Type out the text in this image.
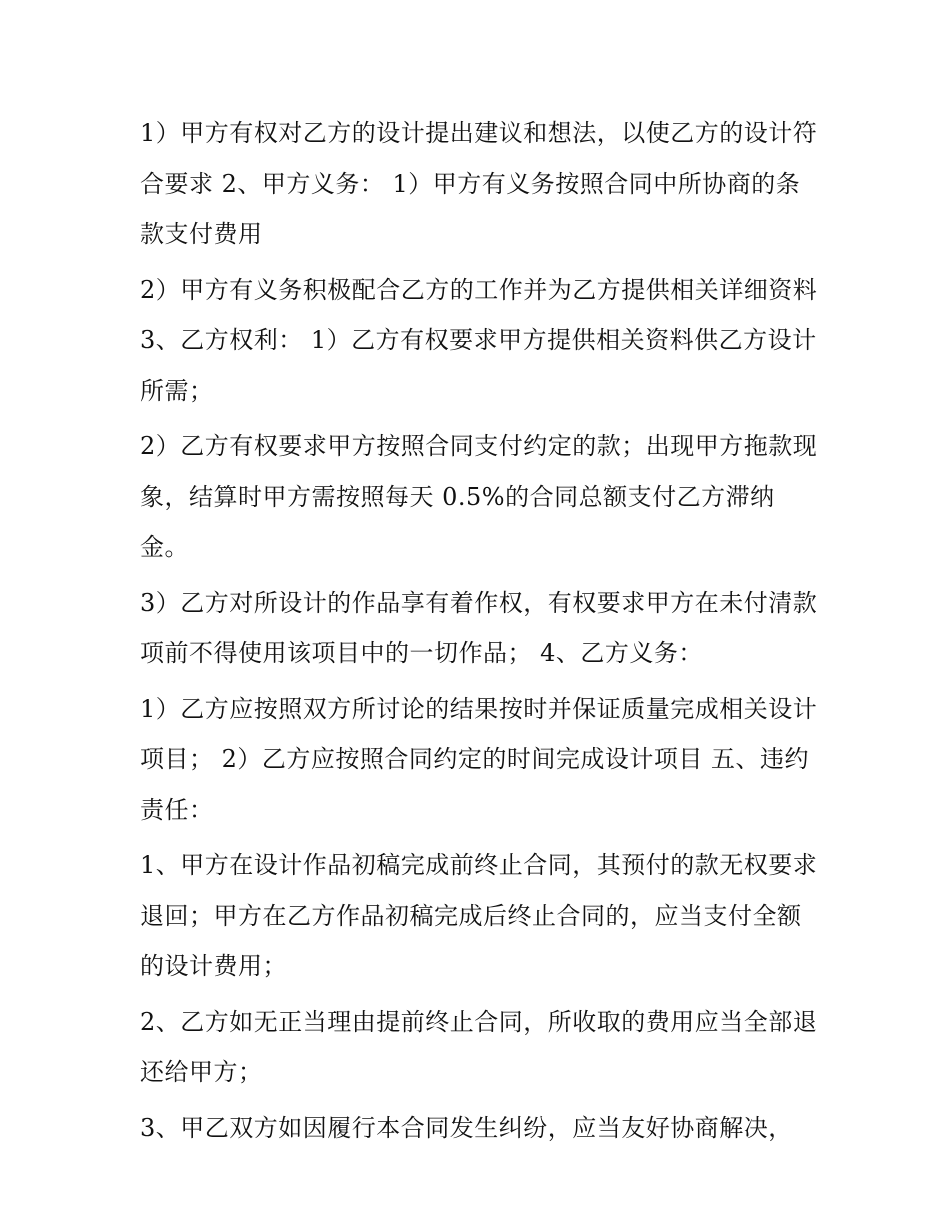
1）甲方有权对乙方的设计提出建议和想法，以使乙方的设计符合要求 2、甲方义务： 1）甲方有义务按照合同中所协商的条款支付费用

2）甲方有义务积极配合乙方的工作并为乙方提供相关详细资料 3、乙方权利： 1）乙方有权要求甲方提供相关资料供乙方设计所需；

2）乙方有权要求甲方按照合同支付约定的款；出现甲方拖款现象，结算时甲方需按照每天 0.5%的合同总额支付乙方滞纳金。

3）乙方对所设计的作品享有着作权，有权要求甲方在未付清款项前不得使用该项目中的一切作品； 4、乙方义务：

1）乙方应按照双方所讨论的结果按时并保证质量完成相关设计项目； 2）乙方应按照合同约定的时间完成设计项目 五、违约责任：

1、甲方在设计作品初稿完成前终止合同，其预付的款无权要求退回；甲方在乙方作品初稿完成后终止合同的，应当支付全额的设计费用；

2、乙方如无正当理由提前终止合同，所收取的费用应当全部退还给甲方；

3、甲乙双方如因履行本合同发生纠纷，应当友好协商解决，
